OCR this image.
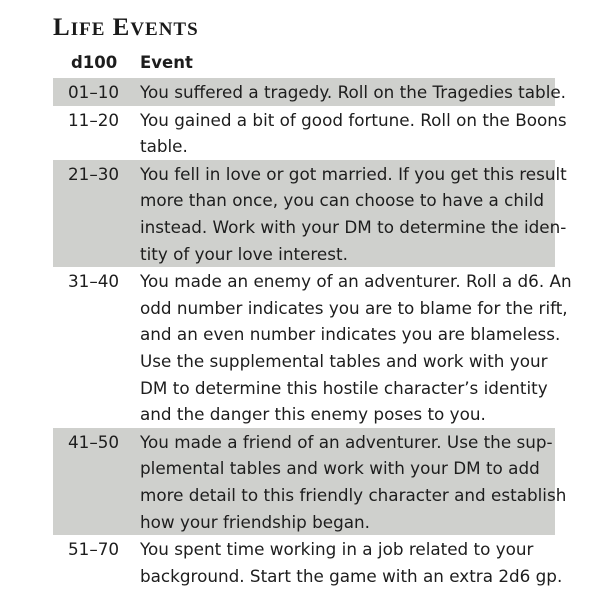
LIFE EVENTS
d100 Event
01–10 You suffered a tragedy. Roll on the Tragedies table.
11–20 You gained a bit of good fortune. Roll on the Boons
table.
21–30 You fell in love or got married. If you get this result
more than once, you can choose to have a child
instead. Work with your DM to determine the iden-
tity of your love interest.
31–40 You made an enemy of an adventurer. Roll a d6. An
odd number indicates you are to blame for the rift,
and an even number indicates you are blameless.
Use the supplemental tables and work with your
DM to determine this hostile character’s identity
and the danger this enemy poses to you.
41–50 You made a friend of an adventurer. Use the sup-
plemental tables and work with your DM to add
more detail to this friendly character and establish
how your friendship began.
51–70 You spent time working in a job related to your
background. Start the game with an extra 2d6 gp.
